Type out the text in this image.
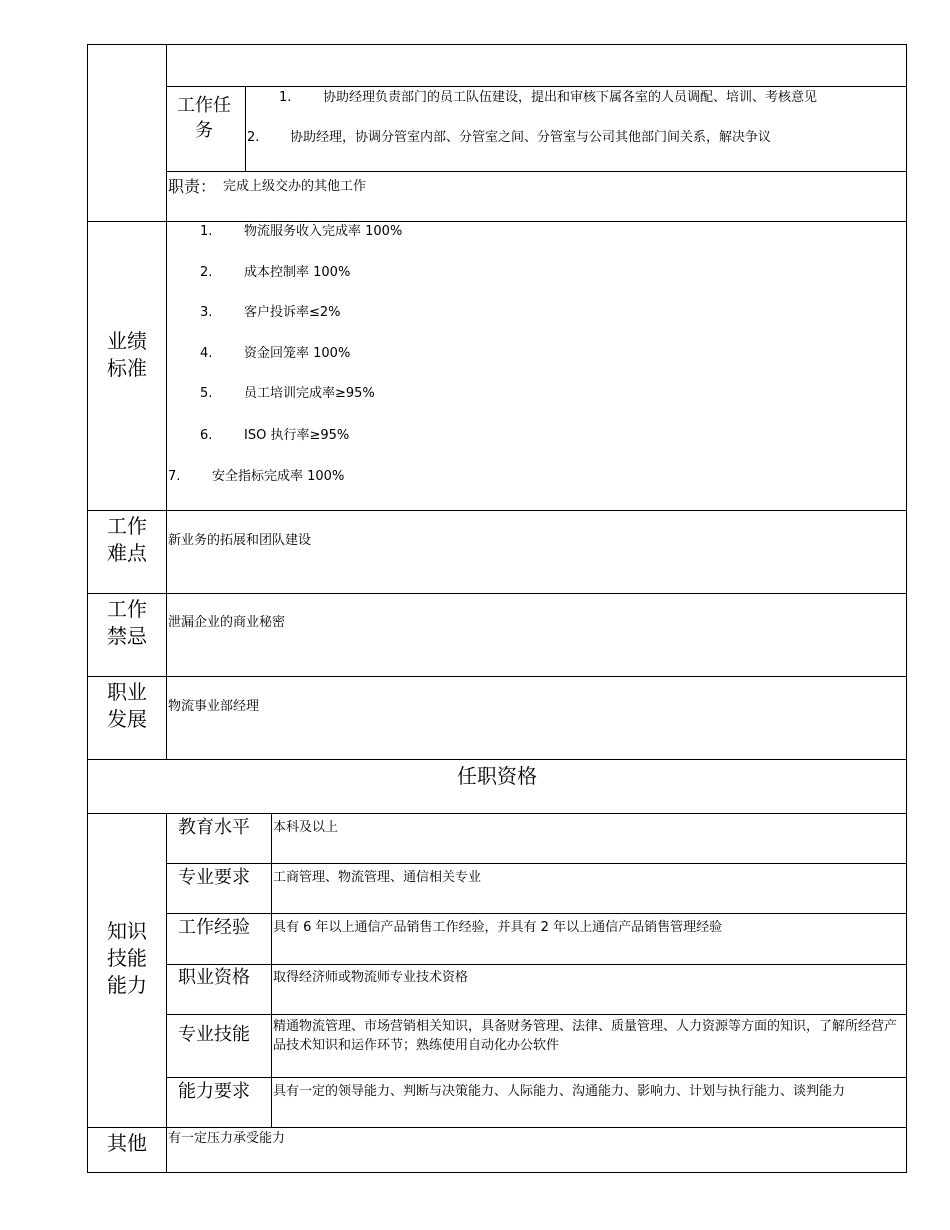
工作任务
1. 协助经理负责部门的员工队伍建设，提出和审核下属各室的人员调配、培训、考核意见
2. 协助经理，协调分管室内部、分管室之间、分管室与公司其他部门间关系，解决争议
职责： 完成上级交办的其他工作
业绩标准
1. 物流服务收入完成率 100%
2. 成本控制率 100%
3. 客户投诉率≤2%
4. 资金回笼率 100%
5. 员工培训完成率≥95%
6. ISO 执行率≥95%
7. 安全指标完成率 100%
工作难点
新业务的拓展和团队建设
工作禁忌
泄漏企业的商业秘密
职业发展
物流事业部经理
任职资格
知识技能能力
教育水平 本科及以上
专业要求 工商管理、物流管理、通信相关专业
工作经验 具有 6 年以上通信产品销售工作经验，并具有 2 年以上通信产品销售管理经验
职业资格 取得经济师或物流师专业技术资格
专业技能 精通物流管理、市场营销相关知识，具备财务管理、法律、质量管理、人力资源等方面的知识，了解所经营产品技术知识和运作环节；熟练使用自动化办公软件
能力要求 具有一定的领导能力、判断与决策能力、人际能力、沟通能力、影响力、计划与执行能力、谈判能力
其他	有一定压力承受能力
